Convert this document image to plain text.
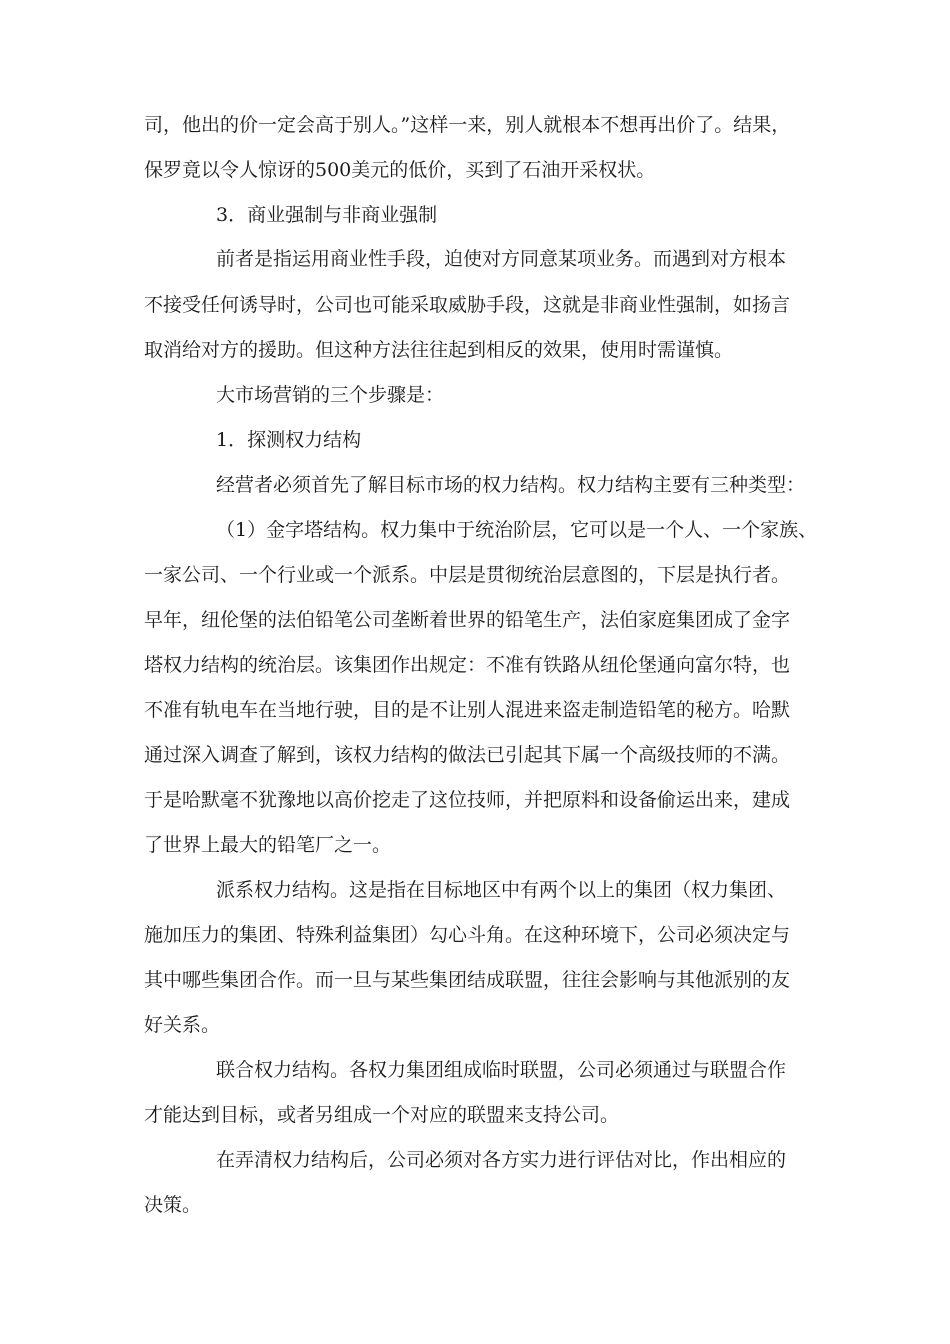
司，他出的价一定会高于别人。”这样一来，别人就根本不想再出价了。结果，
保罗竟以令人惊讶的500美元的低价，买到了石油开采权状。
3．商业强制与非商业强制
前者是指运用商业性手段，迫使对方同意某项业务。而遇到对方根本
不接受任何诱导时，公司也可能采取威胁手段，这就是非商业性强制，如扬言
取消给对方的援助。但这种方法往往起到相反的效果，使用时需谨慎。
大市场营销的三个步骤是：
1．探测权力结构
经营者必须首先了解目标市场的权力结构。权力结构主要有三种类型：
（1）金字塔结构。权力集中于统治阶层，它可以是一个人、一个家族、
一家公司、一个行业或一个派系。中层是贯彻统治层意图的，下层是执行者。
早年，纽伦堡的法伯铅笔公司垄断着世界的铅笔生产，法伯家庭集团成了金字
塔权力结构的统治层。该集团作出规定：不准有铁路从纽伦堡通向富尔特，也
不准有轨电车在当地行驶，目的是不让别人混进来盗走制造铅笔的秘方。哈默
通过深入调查了解到，该权力结构的做法已引起其下属一个高级技师的不满。
于是哈默毫不犹豫地以高价挖走了这位技师，并把原料和设备偷运出来，建成
了世界上最大的铅笔厂之一。
派系权力结构。这是指在目标地区中有两个以上的集团（权力集团、
施加压力的集团、特殊利益集团）勾心斗角。在这种环境下，公司必须决定与
其中哪些集团合作。而一旦与某些集团结成联盟，往往会影响与其他派别的友
好关系。
联合权力结构。各权力集团组成临时联盟，公司必须通过与联盟合作
才能达到目标，或者另组成一个对应的联盟来支持公司。
在弄清权力结构后，公司必须对各方实力进行评估对比，作出相应的
决策。
